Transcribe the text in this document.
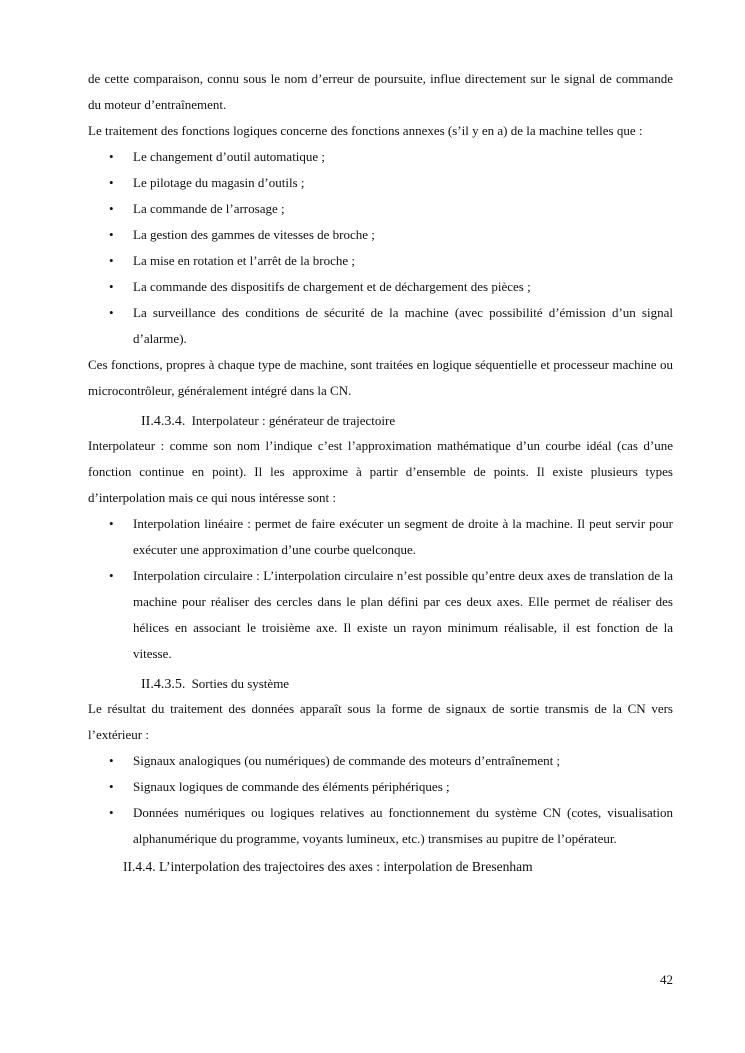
de cette comparaison, connu sous le nom d’erreur de poursuite, influe directement sur le signal de commande du moteur d’entraînement.

Le traitement des fonctions logiques concerne des fonctions annexes (s’il y en a) de la machine telles que :

• Le changement d’outil automatique ;
• Le pilotage du magasin d’outils ;
• La commande de l’arrosage ;
• La gestion des gammes de vitesses de broche ;
• La mise en rotation et l’arrêt de la broche ;
• La commande des dispositifs de chargement et de déchargement des pièces ;
• La surveillance des conditions de sécurité de la machine (avec possibilité d’émission d’un signal d’alarme).

Ces fonctions, propres à chaque type de machine, sont traitées en logique séquentielle et processeur machine ou microcontrôleur, généralement intégré dans la CN.

II.4.3.4. Interpolateur : générateur de trajectoire

Interpolateur : comme son nom l’indique c’est l’approximation mathématique d’un courbe idéal (cas d’une fonction continue en point). Il les approxime à partir d’ensemble de points. Il existe plusieurs types d’interpolation mais ce qui nous intéresse sont :

• Interpolation linéaire : permet de faire exécuter un segment de droite à la machine. Il peut servir pour exécuter une approximation d’une courbe quelconque.
• Interpolation circulaire : L’interpolation circulaire n’est possible qu’entre deux axes de translation de la machine pour réaliser des cercles dans le plan défini par ces deux axes. Elle permet de réaliser des hélices en associant le troisième axe. Il existe un rayon minimum réalisable, il est fonction de la vitesse.
II.4.3.5. Sorties du système

Le résultat du traitement des données apparaît sous la forme de signaux de sortie transmis de la CN vers l’extérieur :

• Signaux analogiques (ou numériques) de commande des moteurs d’entraînement ;
• Signaux logiques de commande des éléments périphériques ;
• Données numériques ou logiques relatives au fonctionnement du système CN (cotes, visualisation alphanumérique du programme, voyants lumineux, etc.) transmises au pupitre de l’opérateur.
II.4.4. L’interpolation des trajectoires des axes : interpolation de Bresenham
42
